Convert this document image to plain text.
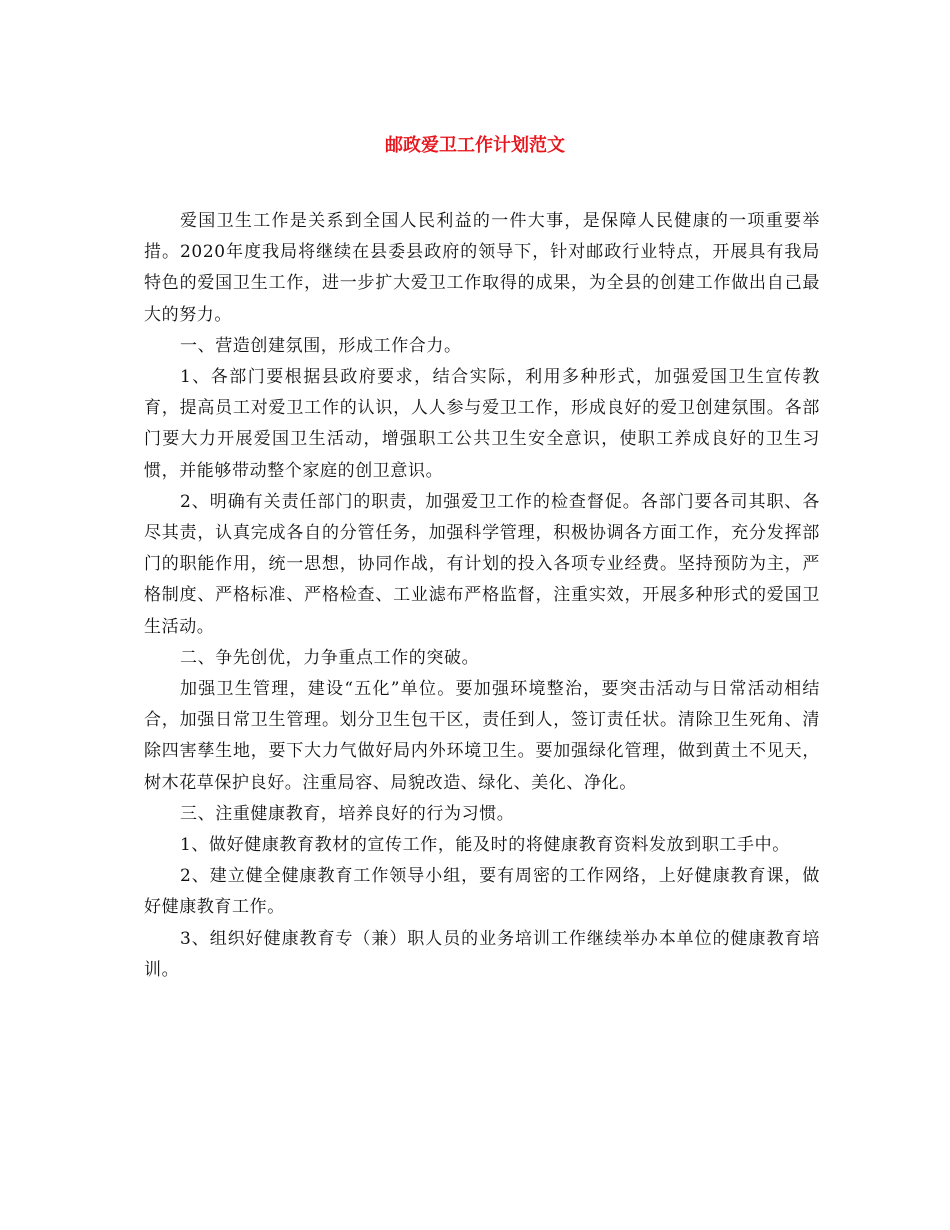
邮政爱卫工作计划范文

爱国卫生工作是关系到全国人民利益的一件大事，是保障人民健康的一项重要举措。2020年度我局将继续在县委县政府的领导下，针对邮政行业特点，开展具有我局特色的爱国卫生工作，进一步扩大爱卫工作取得的成果，为全县的创建工作做出自己最大的努力。

一、营造创建氛围，形成工作合力。

1、各部门要根据县政府要求，结合实际，利用多种形式，加强爱国卫生宣传教育，提高员工对爱卫工作的认识，人人参与爱卫工作，形成良好的爱卫创建氛围。各部门要大力开展爱国卫生活动，增强职工公共卫生安全意识，使职工养成良好的卫生习惯，并能够带动整个家庭的创卫意识。

2、明确有关责任部门的职责，加强爱卫工作的检查督促。各部门要各司其职、各尽其责，认真完成各自的分管任务，加强科学管理，积极协调各方面工作，充分发挥部门的职能作用，统一思想，协同作战，有计划的投入各项专业经费。坚持预防为主，严格制度、严格标准、严格检查、工业滤布严格监督，注重实效，开展多种形式的爱国卫生活动。

二、争先创优，力争重点工作的突破。

加强卫生管理，建设“五化”单位。要加强环境整治，要突击活动与日常活动相结合，加强日常卫生管理。划分卫生包干区，责任到人，签订责任状。清除卫生死角、清除四害孳生地，要下大力气做好局内外环境卫生。要加强绿化管理，做到黄土不见天，树木花草保护良好。注重局容、局貌改造、绿化、美化、净化。

三、注重健康教育，培养良好的行为习惯。

1、做好健康教育教材的宣传工作，能及时的将健康教育资料发放到职工手中。

2、建立健全健康教育工作领导小组，要有周密的工作网络，上好健康教育课，做好健康教育工作。

3、组织好健康教育专（兼）职人员的业务培训工作继续举办本单位的健康教育培训。
